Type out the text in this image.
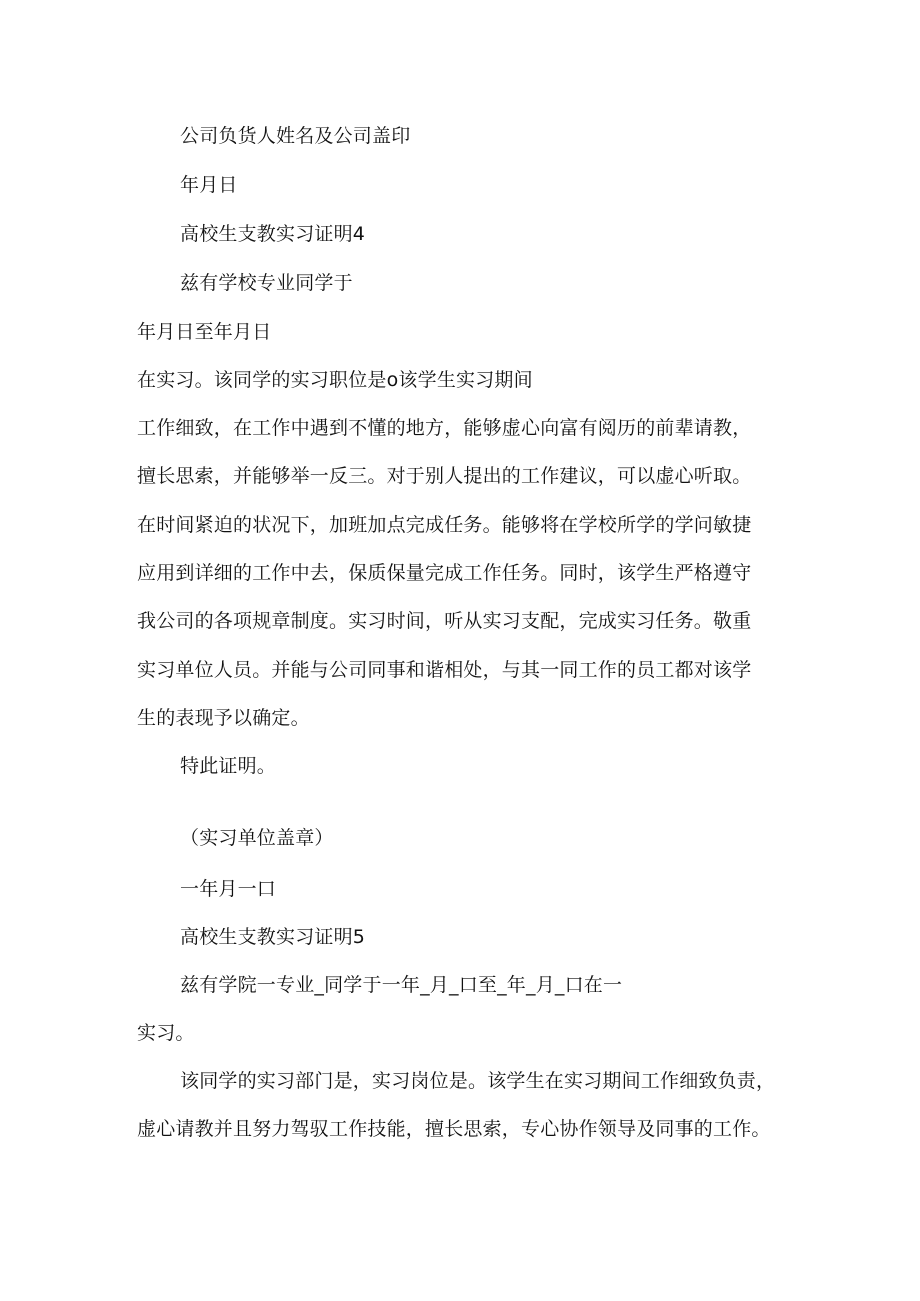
公司负货人姓名及公司盖印
年月日
高校生支教实习证明4
兹有学校专业同学于
年月日至年月日
在实习。该同学的实习职位是o该学生实习期间
工作细致，在工作中遇到不懂的地方，能够虚心向富有阅历的前辈请教，
擅长思索，并能够举一反三。对于别人提出的工作建议，可以虚心听取。
在时间紧迫的状况下，加班加点完成任务。能够将在学校所学的学问敏捷
应用到详细的工作中去，保质保量完成工作任务。同时，该学生严格遵守
我公司的各项规章制度。实习时间，听从实习支配，完成实习任务。敬重
实习单位人员。并能与公司同事和谐相处，与其一同工作的员工都对该学
生的表现予以确定。
特此证明。
（实习单位盖章）
一年月一口
高校生支教实习证明5
兹有学院一专业_同学于一年_月_口至_年_月_口在一
实习。
该同学的实习部门是，实习岗位是。该学生在实习期间工作细致负责，
虚心请教并且努力驾驭工作技能，擅长思索，专心协作领导及同事的工作。
